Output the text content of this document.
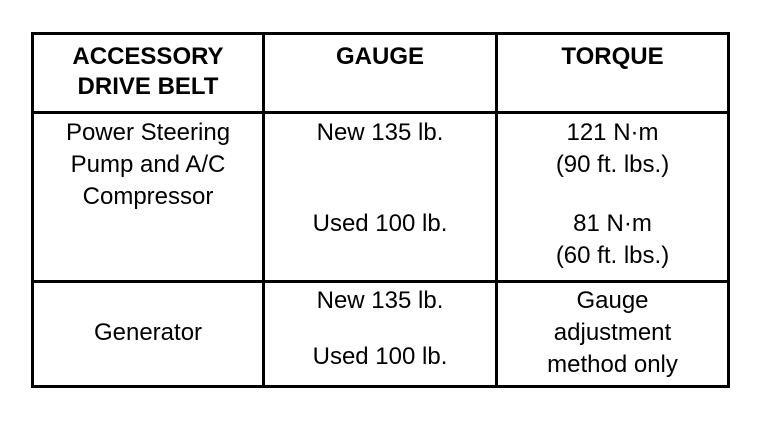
ACCESSORY
DRIVE BELT
GAUGE	TORQUE
Power Steering
Pump and A/C
Compressor
New 135 lb.
Used 100 lb.
121 N·m
(90 ft. lbs.)
81 N·m
(60 ft. lbs.)
Generator
New 135 lb.
Used 100 lb.
Gauge
adjustment
method only
